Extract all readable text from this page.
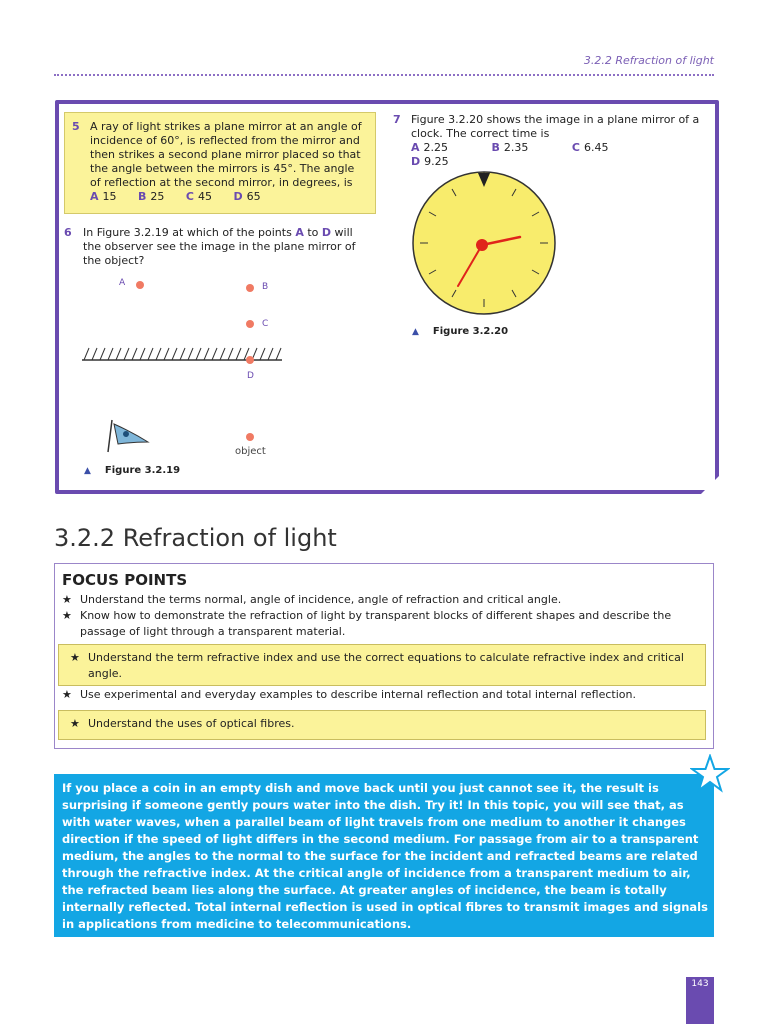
3.2.2 Refraction of light
5 A ray of light strikes a plane mirror at an angle of incidence of 60°, is reflected from the mirror and then strikes a second plane mirror placed so that the angle between the mirrors is 45°. The angle of reflection at the second mirror, in degrees, is
A 15 B 25 C 45 D 65
6 In Figure 3.2.19 at which of the points A to D will the observer see the image in the plane mirror of the object?
A	B
C
D
object
▲ Figure 3.2.19
7 Figure 3.2.20 shows the image in a plane mirror of a clock. The correct time is
A 2.25	B 2.35	C 6.45 D 9.25
▲ Figure 3.2.20
3.2.2 Refraction of light
FOCUS POINTS
★ Understand the terms normal, angle of incidence, angle of refraction and critical angle.
★ Know how to demonstrate the refraction of light by transparent blocks of different shapes and describe the passage of light through a transparent material.
★ Understand the term refractive index and use the correct equations to calculate refractive index and critical angle.
★ Use experimental and everyday examples to describe internal reflection and total internal reflection.
★ Understand the uses of optical fibres.
If you place a coin in an empty dish and move back until you just cannot see it, the result is surprising if someone gently pours water into the dish. Try it! In this topic, you will see that, as with water waves, when a parallel beam of light travels from one medium to another it changes direction if the speed of light differs in the second medium. For passage from air to a transparent medium, the angles to the normal to the surface for the incident and refracted beams are related through the refractive index. At the critical angle of incidence from a transparent medium to air, the refracted beam lies along the surface. At greater angles of incidence, the beam is totally internally reflected. Total internal reflection is used in optical fibres to transmit images and signals in applications from medicine to telecommunications.
143
